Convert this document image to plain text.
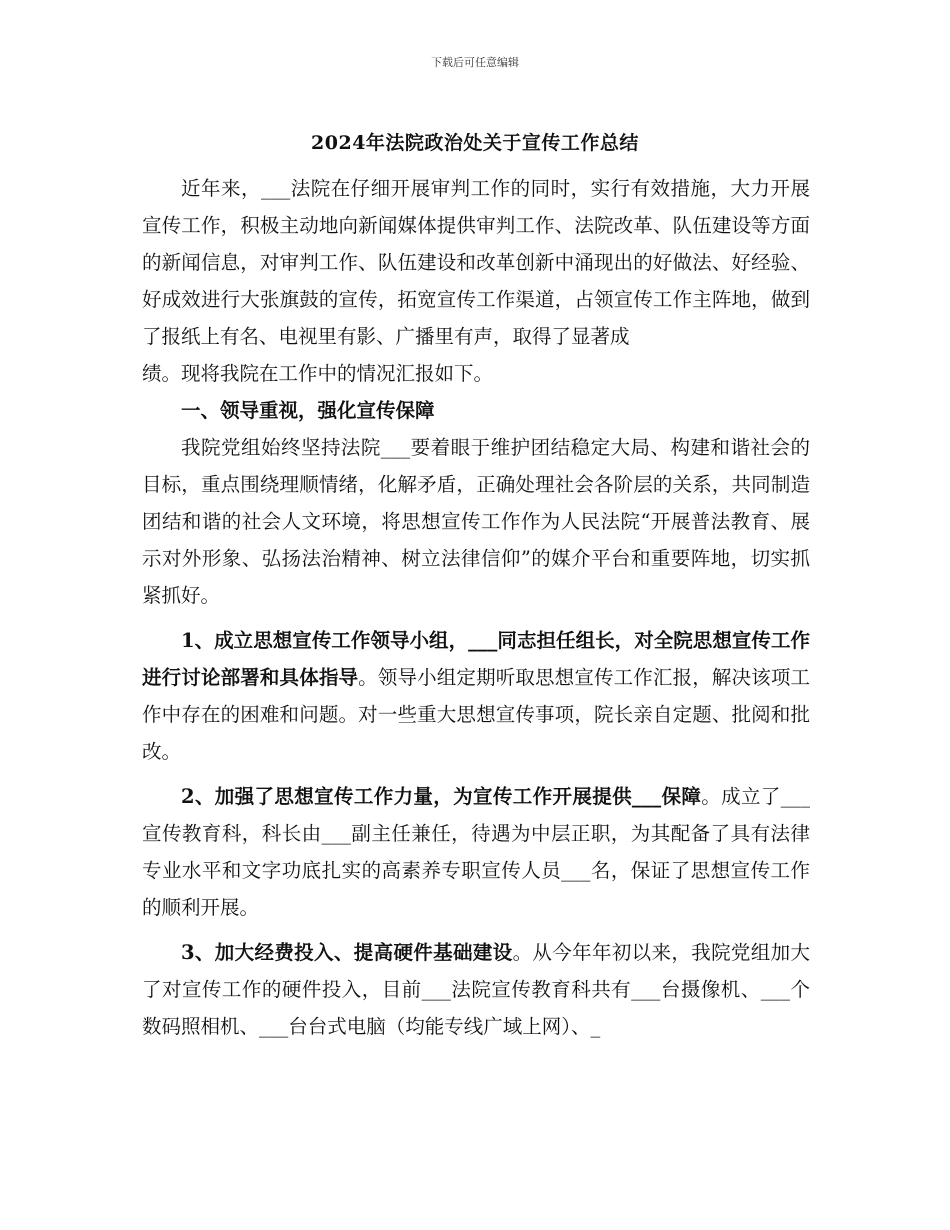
下载后可任意编辑
2024年法院政治处关于宣传工作总结

近年来，___法院在仔细开展审判工作的同时，实行有效措施，大力开展宣传工作，积极主动地向新闻媒体提供审判工作、法院改革、队伍建设等方面的新闻信息，对审判工作、队伍建设和改革创新中涌现出的好做法、好经验、好成效进行大张旗鼓的宣传，拓宽宣传工作渠道，占领宣传工作主阵地，做到了报纸上有名、电视里有影、广播里有声，取得了显著成

绩。现将我院在工作中的情况汇报如下。

一、领导重视，强化宣传保障

我院党组始终坚持法院___要着眼于维护团结稳定大局、构建和谐社会的目标，重点围绕理顺情绪，化解矛盾，正确处理社会各阶层的关系，共同制造团结和谐的社会人文环境，将思想宣传工作作为人民法院“开展普法教育、展示对外形象、弘扬法治精神、树立法律信仰”的媒介平台和重要阵地，切实抓紧抓好。

1、成立思想宣传工作领导小组，___同志担任组长，对全院思想宣传工作进行讨论部署和具体指导。领导小组定期听取思想宣传工作汇报，解决该项工作中存在的困难和问题。对一些重大思想宣传事项，院长亲自定题、批阅和批改。

2、加强了思想宣传工作力量，为宣传工作开展提供___保障。成立了___宣传教育科，科长由___副主任兼任，待遇为中层正职，为其配备了具有法律专业水平和文字功底扎实的高素养专职宣传人员___名，保证了思想宣传工作的顺利开展。

3、加大经费投入、提高硬件基础建设。从今年年初以来，我院党组加大了对宣传工作的硬件投入，目前___法院宣传教育科共有___台摄像机、___个数码照相机、___台台式电脑（均能专线广域上网）、_
